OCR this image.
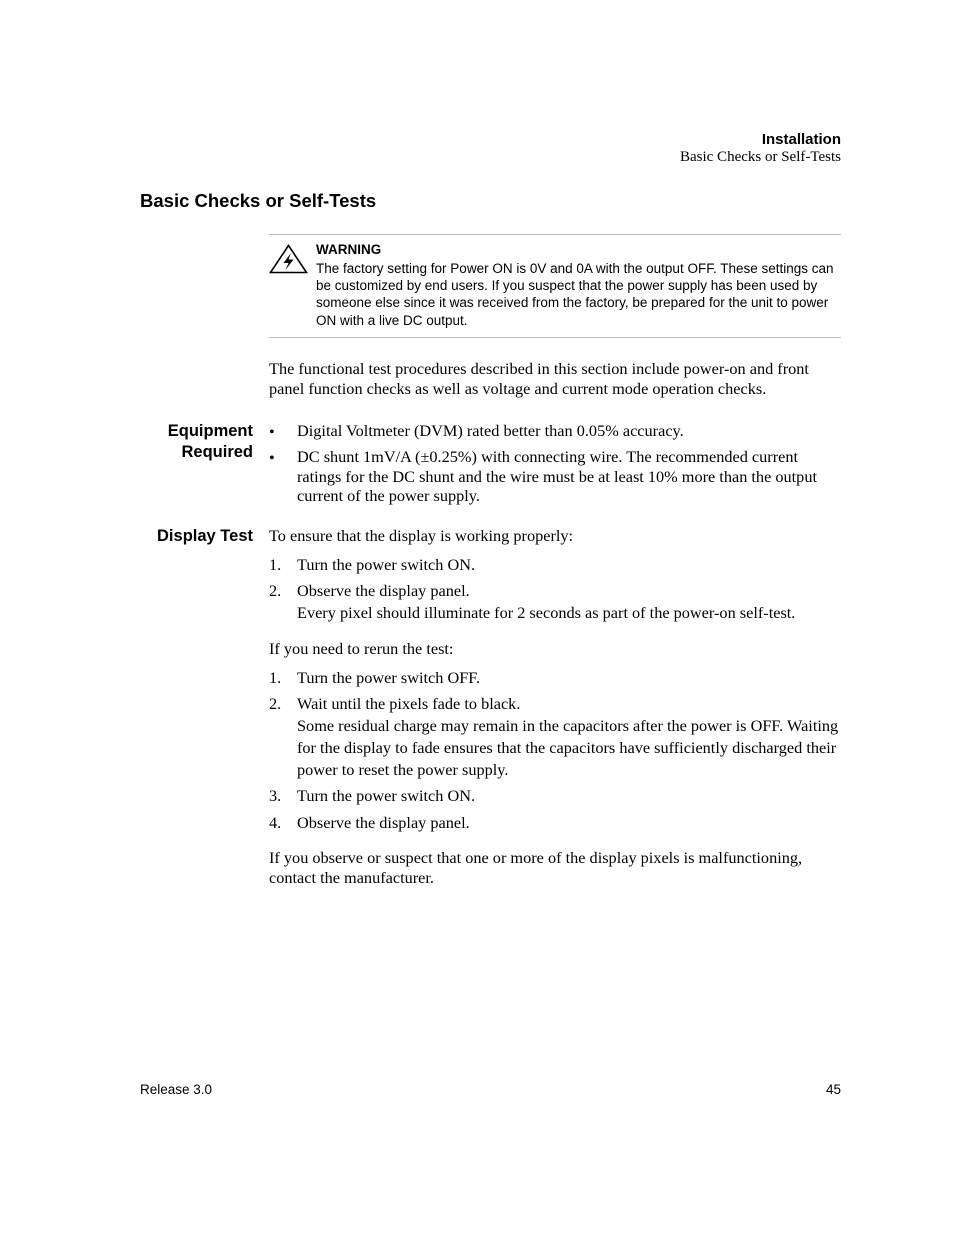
Installation
Basic Checks or Self-Tests
Basic Checks or Self-Tests
WARNING
The factory setting for Power ON is 0V and 0A with the output OFF. These settings can be customized by end users. If you suspect that the power supply has been used by someone else since it was received from the factory, be prepared for the unit to power ON with a live DC output.
The functional test procedures described in this section include power-on and front panel function checks as well as voltage and current mode operation checks.
Equipment
Required
• Digital Voltmeter (DVM) rated better than 0.05% accuracy.
• DC shunt 1mV/A (±0.25%) with connecting wire. The recommended current ratings for the DC shunt and the wire must be at least 10% more than the output current of the power supply.
Display Test To ensure that the display is working properly:
1. Turn the power switch ON.
2. Observe the display panel.
Every pixel should illuminate for 2 seconds as part of the power-on self-test.
If you need to rerun the test:
1. Turn the power switch OFF.
2. Wait until the pixels fade to black.
Some residual charge may remain in the capacitors after the power is OFF. Waiting for the display to fade ensures that the capacitors have sufficiently discharged their power to reset the power supply.
3. Turn the power switch ON.
4. Observe the display panel.
If you observe or suspect that one or more of the display pixels is malfunctioning, contact the manufacturer.
Release 3.0	45
